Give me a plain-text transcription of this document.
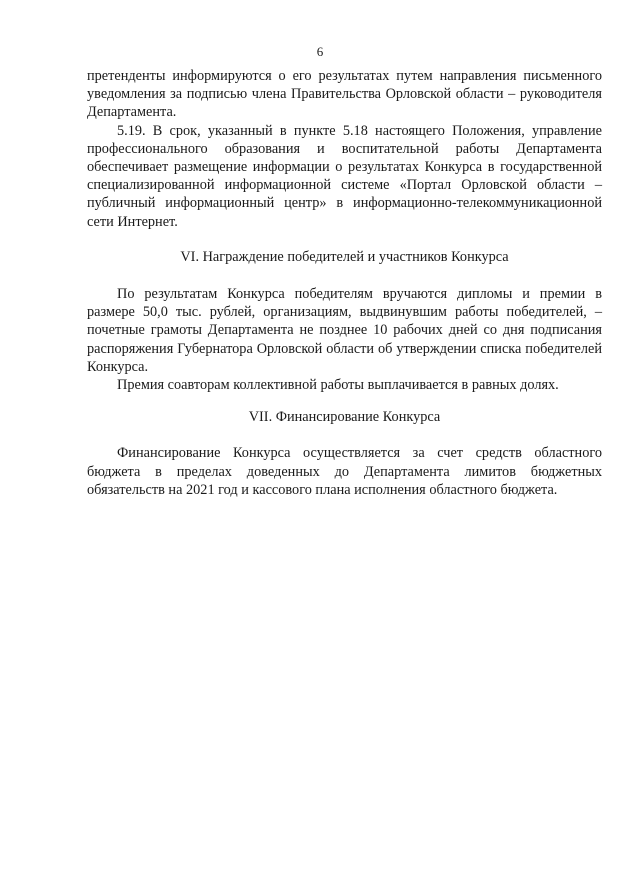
6

претенденты информируются о его результатах путем направления письменного уведомления за подписью члена Правительства Орловской области – руководителя Департамента.

5.19. В срок, указанный в пункте 5.18 настоящего Положения, управление профессионального образования и воспитательной работы Департамента обеспечивает размещение информации о результатах Конкурса в государственной специализированной информационной системе «Портал Орловской области – публичный информационный центр» в информационно-телекоммуникационной сети Интернет.

VI. Награждение победителей и участников Конкурса

По результатам Конкурса победителям вручаются дипломы и премии в размере 50,0 тыс. рублей, организациям, выдвинувшим работы победителей, – почетные грамоты Департамента не позднее 10 рабочих дней со дня подписания распоряжения Губернатора Орловской области об утверждении списка победителей Конкурса.

Премия соавторам коллективной работы выплачивается в равных долях.

VII. Финансирование Конкурса

Финансирование Конкурса осуществляется за счет средств областного бюджета в пределах доведенных до Департамента лимитов бюджетных обязательств на 2021 год и кассового плана исполнения областного бюджета.
